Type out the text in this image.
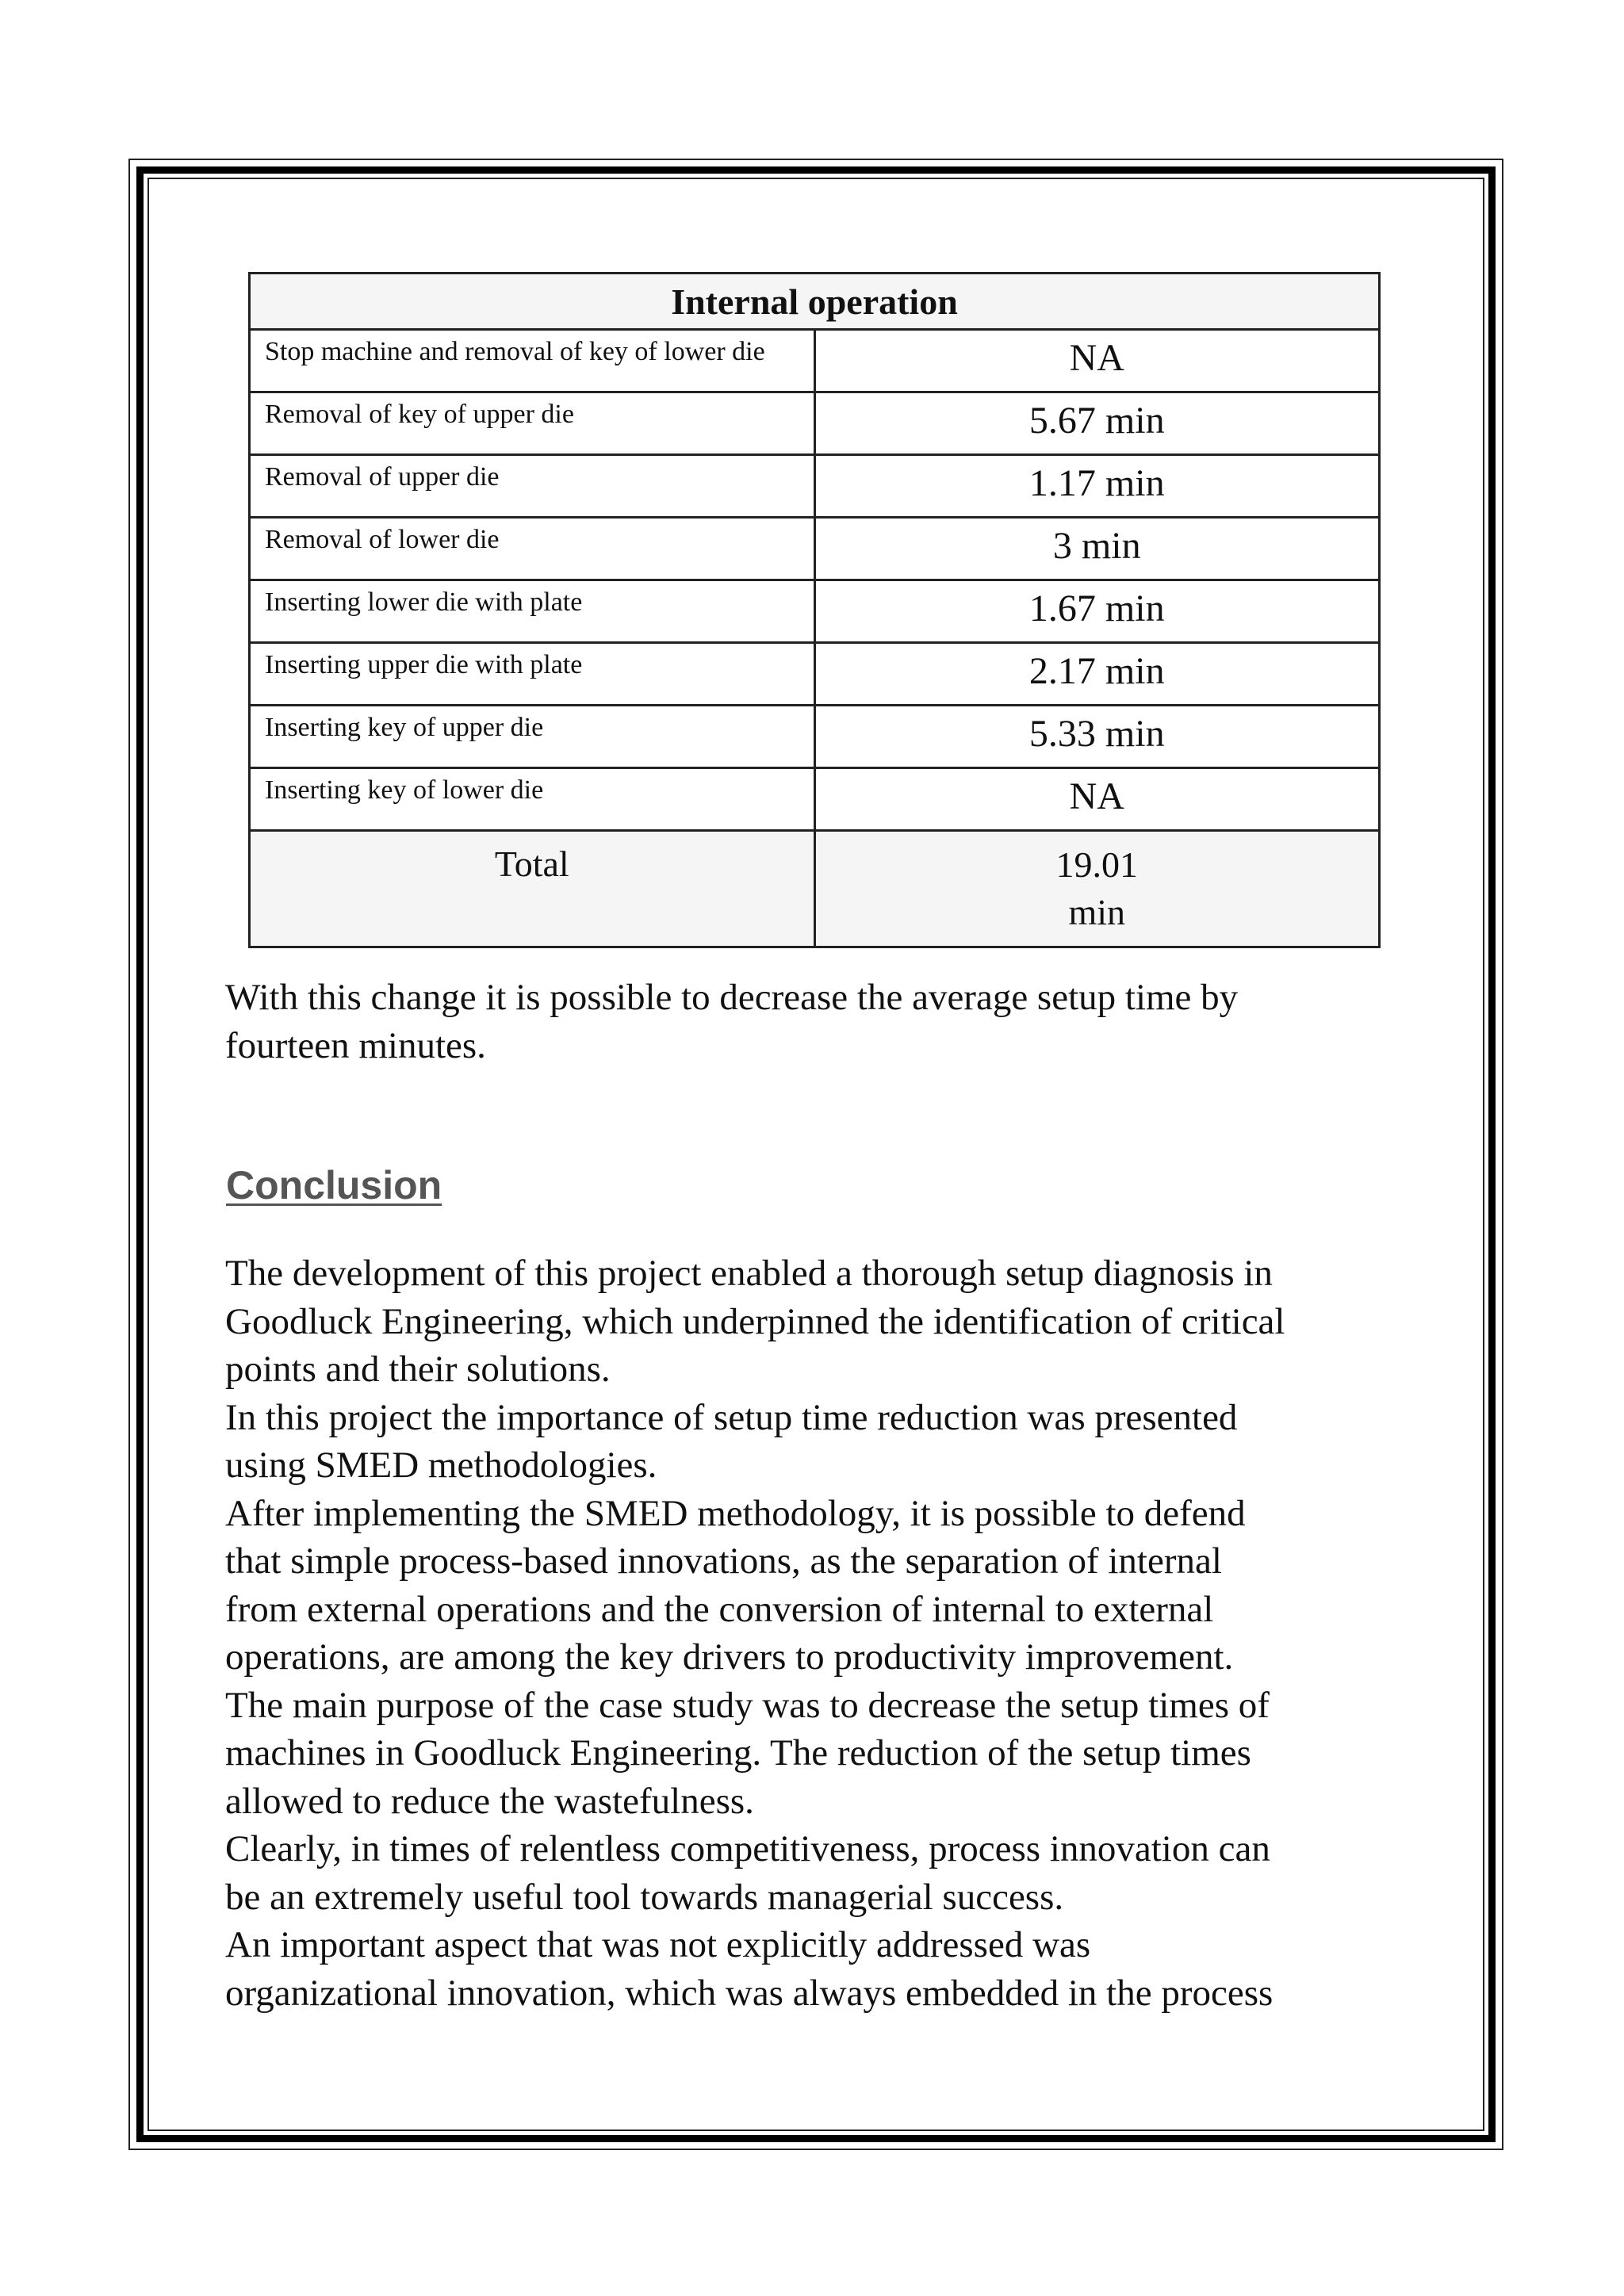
Internal operation	
Stop machine and removal of key of lower die	NA
Removal of key of upper die	5.67 min
Removal of upper die	1.17 min
Removal of lower die	3 min
Inserting lower die with plate	1.67 min
Inserting upper die with plate	2.17 min
Inserting key of upper die	5.33 min
Inserting key of lower die	NA
Total	19.01
min

With this change it is possible to decrease the average setup time by
fourteen minutes.

Conclusion

The development of this project enabled a thorough setup diagnosis in
Goodluck Engineering, which underpinned the identification of critical
points and their solutions.
In this project the importance of setup time reduction was presented
using SMED methodologies.
After implementing the SMED methodology, it is possible to defend
that simple process-based innovations, as the separation of internal
from external operations and the conversion of internal to external
operations, are among the key drivers to productivity improvement.
The main purpose of the case study was to decrease the setup times of
machines in Goodluck Engineering. The reduction of the setup times
allowed to reduce the wastefulness.
Clearly, in times of relentless competitiveness, process innovation can
be an extremely useful tool towards managerial success.
An important aspect that was not explicitly addressed was
organizational innovation, which was always embedded in the process
